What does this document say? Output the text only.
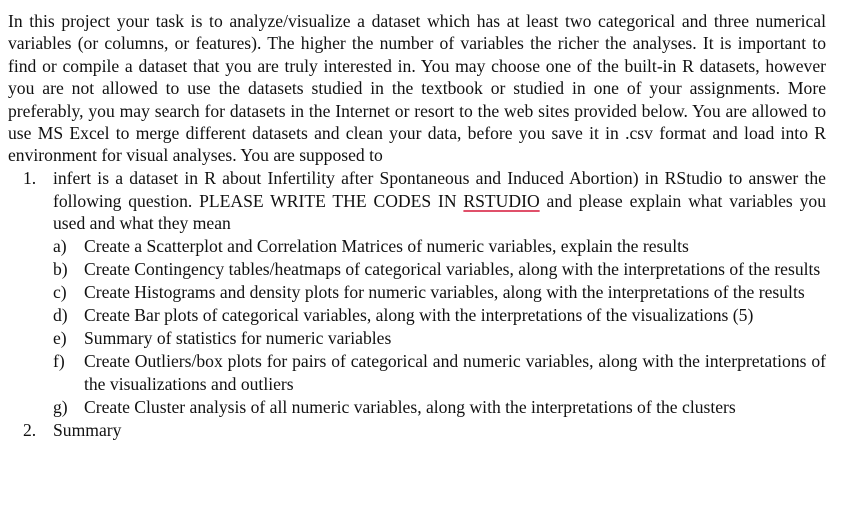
In this project your task is to analyze/visualize a dataset which has at least two categorical and three numerical variables (or columns, or features). The higher the number of variables the richer the analyses. It is important to find or compile a dataset that you are truly interested in. You may choose one of the built-in R datasets, however you are not allowed to use the datasets studied in the textbook or studied in one of your assignments. More preferably, you may search for datasets in the Internet or resort to the web sites provided below. You are allowed to use MS Excel to merge different datasets and clean your data, before you save it in .csv format and load into R environment for visual analyses. You are supposed to

1. infert is a dataset in R about Infertility after Spontaneous and Induced Abortion) in RStudio to answer the following question. PLEASE WRITE THE CODES IN RSTUDIO and please explain what variables you used and what they mean
a) Create a Scatterplot and Correlation Matrices of numeric variables, explain the results
b) Create Contingency tables/heatmaps of categorical variables, along with the interpretations of the results
c) Create Histograms and density plots for numeric variables, along with the interpretations of the results
d) Create Bar plots of categorical variables, along with the interpretations of the visualizations (5)
e) Summary of statistics for numeric variables
f) Create Outliers/box plots for pairs of categorical and numeric variables, along with the interpretations of the visualizations and outliers
g) Create Cluster analysis of all numeric variables, along with the interpretations of the clusters
2. Summary
